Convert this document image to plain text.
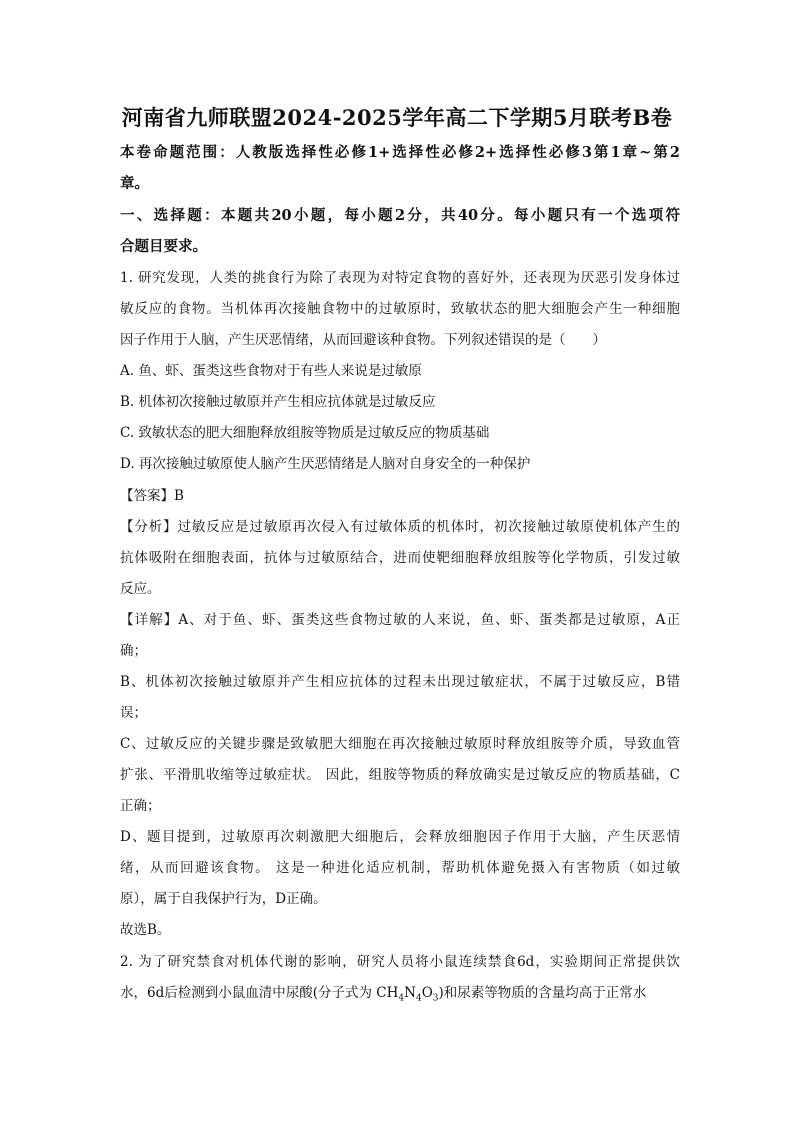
河南省九师联盟2024-2025学年高二下学期5月联考B卷
本卷命题范围：人教版选择性必修1+选择性必修2+选择性必修3第1章~第2
章。
一、选择题：本题共20小题，每小题2分，共40分。每小题只有一个选项符
合题目要求。
1. 研究发现，人类的挑食行为除了表现为对特定食物的喜好外，还表现为厌恶引发身体过
敏反应的食物。当机体再次接触食物中的过敏原时，致敏状态的肥大细胞会产生一种细胞
因子作用于人脑，产生厌恶情绪，从而回避该种食物。下列叙述错误的是（　　）
A. 鱼、虾、蛋类这些食物对于有些人来说是过敏原
B. 机体初次接触过敏原并产生相应抗体就是过敏反应
C. 致敏状态的肥大细胞释放组胺等物质是过敏反应的物质基础
D. 再次接触过敏原使人脑产生厌恶情绪是人脑对自身安全的一种保护
【答案】B
【分析】过敏反应是过敏原再次侵入有过敏体质的机体时，初次接触过敏原使机体产生的
抗体吸附在细胞表面，抗体与过敏原结合，进而使靶细胞释放组胺等化学物质，引发过敏
反应。
【详解】A、对于鱼、虾、蛋类这些食物过敏的人来说，鱼、虾、蛋类都是过敏原，A正
确；
B、机体初次接触过敏原并产生相应抗体的过程未出现过敏症状，不属于过敏反应，B错
误；
C、过敏反应的关键步骤是致敏肥大细胞在再次接触过敏原时释放组胺等介质，导致血管
扩张、平滑肌收缩等过敏症状。 因此，组胺等物质的释放确实是过敏反应的物质基础，C
正确；
D、题目提到，过敏原再次刺激肥大细胞后，会释放细胞因子作用于大脑，产生厌恶情
绪，从而回避该食物。 这是一种进化适应机制，帮助机体避免摄入有害物质（如过敏
原），属于自我保护行为，D正确。
故选B。
2. 为了研究禁食对机体代谢的影响，研究人员将小鼠连续禁食6d，实验期间正常提供饮
水，6d后检测到小鼠血清中尿酸(分子式为 $CH_4N_4O_3$)和尿素等物质的含量均高于正常水
